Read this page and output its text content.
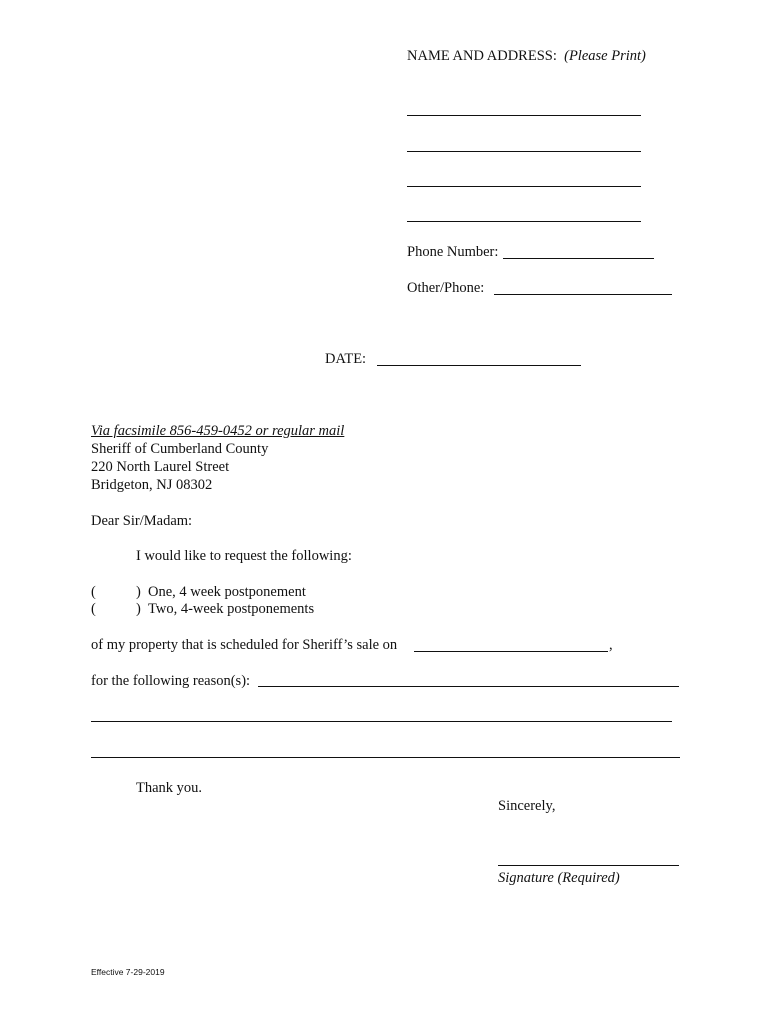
NAME AND ADDRESS: (Please Print)
Phone Number:
Other/Phone:
DATE:
Via facsimile 856-459-0452 or regular mail
Sheriff of Cumberland County
220 North Laurel Street
Bridgeton, NJ 08302
Dear Sir/Madam:
I would like to request the following:
(	) One, 4 week postponement
(	) Two, 4-week postponements
of my property that is scheduled for Sheriff’s sale on	,
for the following reason(s):
Thank you.
Sincerely,
Signature (Required)
Effective 7-29-2019
